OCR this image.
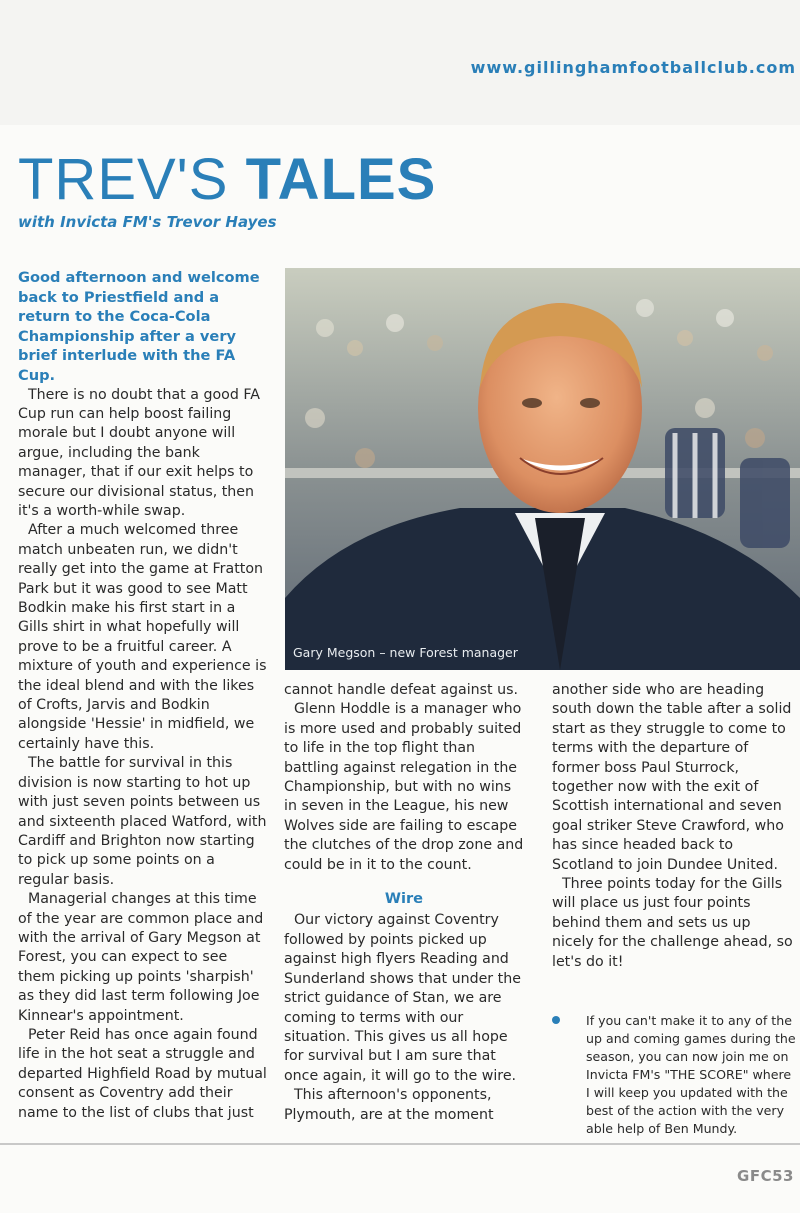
www.gillinghamfootballclub.com
TREV'S TALES
with Invicta FM's Trevor Hayes

Good afternoon and welcome back to Priestfield and a return to the Coca-Cola Championship after a very brief interlude with the FA Cup.

There is no doubt that a good FA Cup run can help boost failing morale but I doubt anyone will argue, including the bank manager, that if our exit helps to secure our divisional status, then it's a worth-while swap.

After a much welcomed three match unbeaten run, we didn't really get into the game at Fratton Park but it was good to see Matt Bodkin make his first start in a Gills shirt in what hopefully will prove to be a fruitful career. A mixture of youth and experience is the ideal blend and with the likes of Crofts, Jarvis and Bodkin alongside 'Hessie' in midfield, we certainly have this.

The battle for survival in this division is now starting to hot up with just seven points between us and sixteenth placed Watford, with Cardiff and Brighton now starting to pick up some points on a regular basis.

Managerial changes at this time of the year are common place and with the arrival of Gary Megson at Forest, you can expect to see them picking up points 'sharpish' as they did last term following Joe Kinnear's appointment.

Peter Reid has once again found life in the hot seat a struggle and departed Highfield Road by mutual consent as Coventry add their name to the list of clubs that just

Gary Megson – new Forest manager

cannot handle defeat against us.

Glenn Hoddle is a manager who is more used and probably suited to life in the top flight than battling against relegation in the Championship, but with no wins in seven in the League, his new Wolves side are failing to escape the clutches of the drop zone and could be in it to the count.

Wire

Our victory against Coventry followed by points picked up against high flyers Reading and Sunderland shows that under the strict guidance of Stan, we are coming to terms with our situation. This gives us all hope for survival but I am sure that once again, it will go to the wire.

This afternoon's opponents, Plymouth, are at the moment

another side who are heading south down the table after a solid start as they struggle to come to terms with the departure of former boss Paul Sturrock, together now with the exit of Scottish international and seven goal striker Steve Crawford, who has since headed back to Scotland to join Dundee United.

Three points today for the Gills will place us just four points behind them and sets us up nicely for the challenge ahead, so let's do it!

If you can't make it to any of the up and coming games during the season, you can now join me on Invicta FM's "THE SCORE" where I will keep you updated with the best of the action with the very able help of Ben Mundy.
GFC53
